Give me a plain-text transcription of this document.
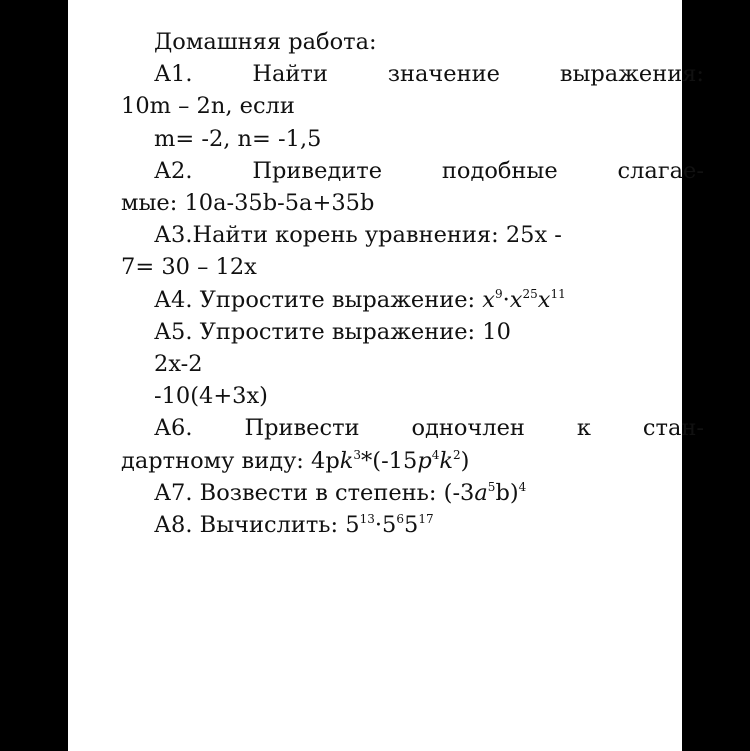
Домашняя работа:
А1.	Найти	значение	выражения:
10m – 2n, если
m= -2, n= -1,5
А2.	Приведите	подобные	слагае-
мые: 10a-35b-5a+35b
А3.Найти корень уравнения: 25x -
7= 30 – 12x
А4. Упростите выражение: $x^9\cdot x^{25}x^{11}$
А5. Упростите выражение: 10
2x-2
-10(4+3x)
А6. Привести одночлен к стан-
дартному виду: $4pk^3*(-15p^4k^2)$
А7. Возвести в степень: $(-3a^5b)^4$
А8. Вычислить: $5^{13}\cdot 5^65^{17}$
